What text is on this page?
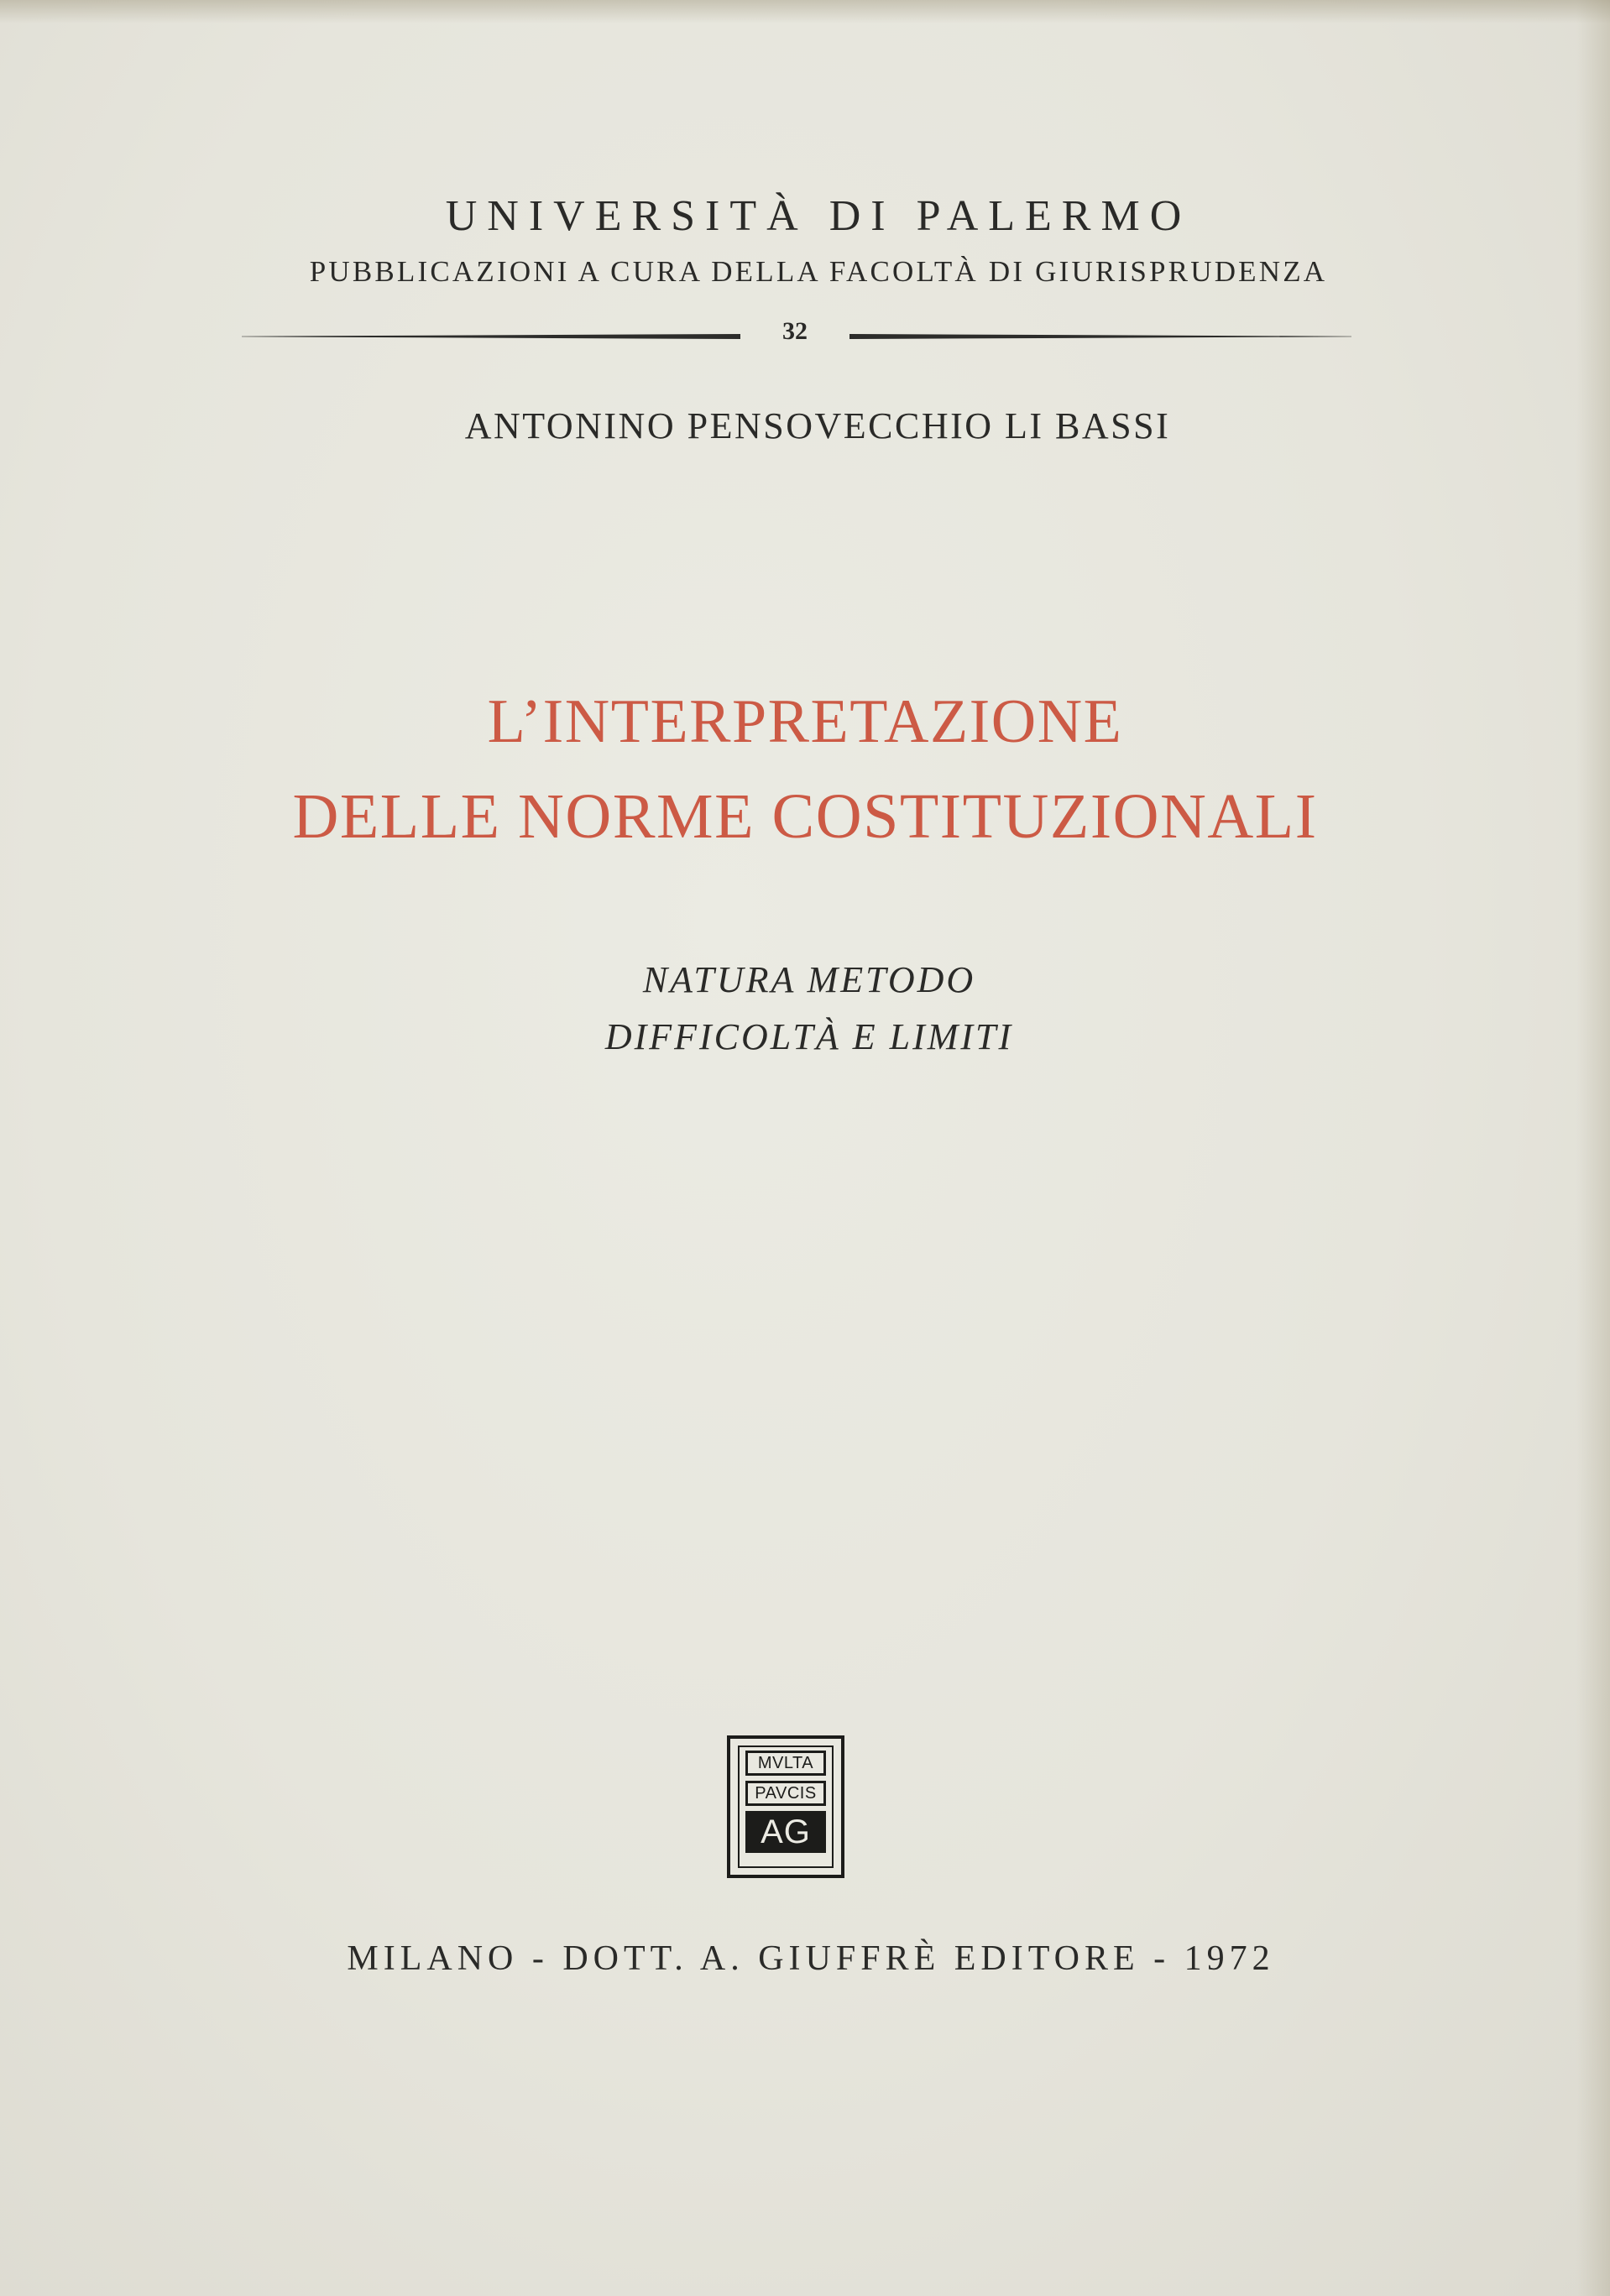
UNIVERSITÀ DI PALERMO
PUBBLICAZIONI A CURA DELLA FACOLTÀ DI GIURISPRUDENZA
32
ANTONINO PENSOVECCHIO LI BASSI
L’INTERPRETAZIONE
DELLE NORME COSTITUZIONALI
NATURA METODO
DIFFICOLTÀ E LIMITI
MVLTA
PAVCIS
AG
MILANO - DOTT. A. GIUFFRÈ EDITORE - 1972
